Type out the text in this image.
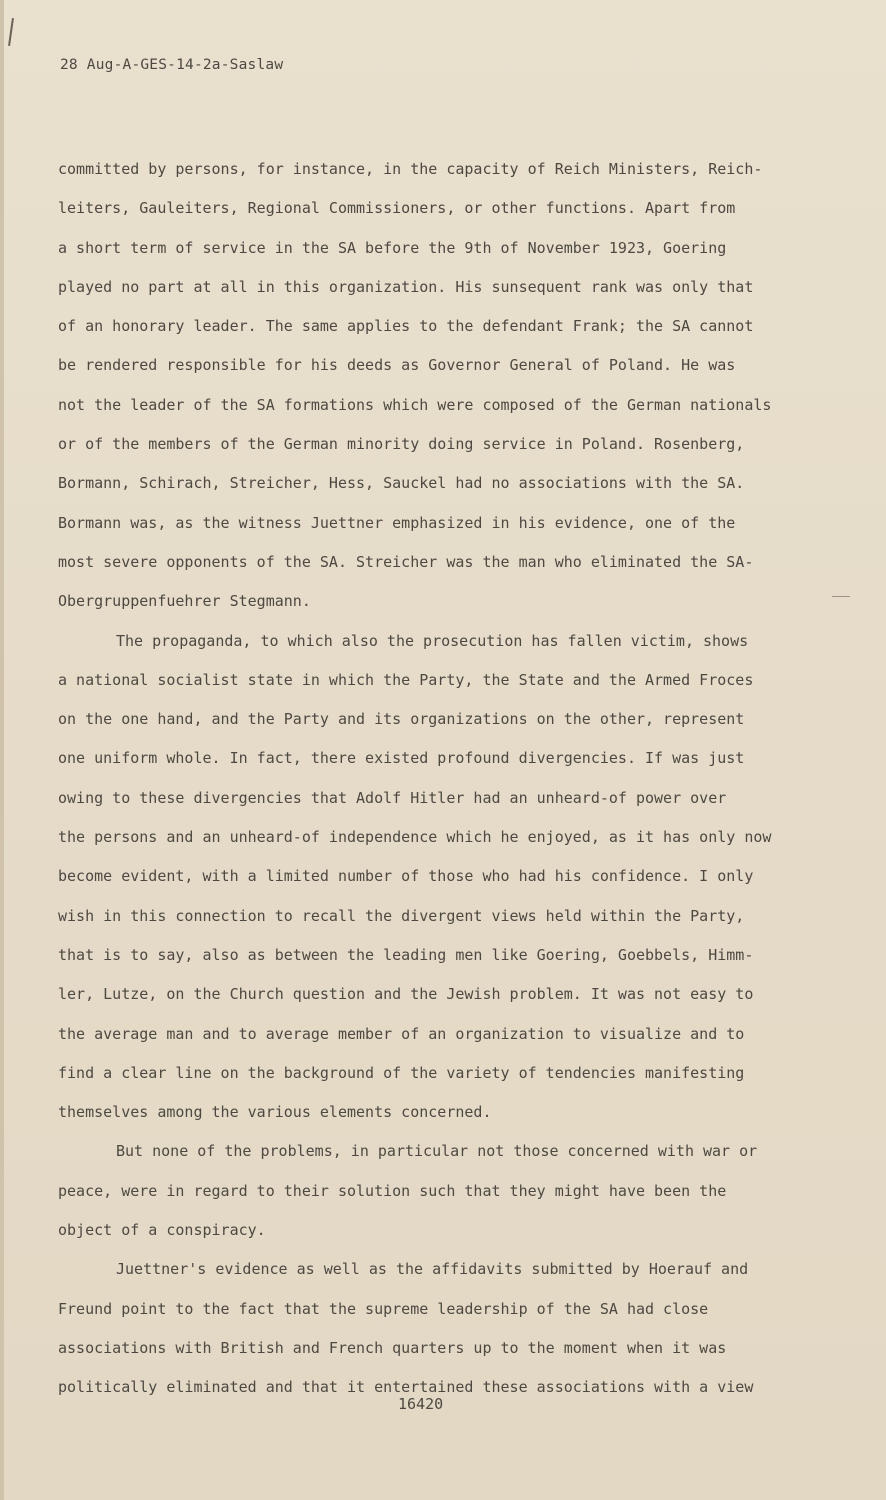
28 Aug-A-GES-14-2a-Saslaw
committed by persons, for instance, in the capacity of Reich Ministers, Reich-
leiters, Gauleiters, Regional Commissioners, or other functions. Apart from
a short term of service in the SA before the 9th of November 1923, Goering
played no part at all in this organization. His sunsequent rank was only that
of an honorary leader. The same applies to the defendant Frank; the SA cannot
be rendered responsible for his deeds as Governor General of Poland. He was
not the leader of the SA formations which were composed of the German nationals
or of the members of the German minority doing service in Poland. Rosenberg,
Bormann, Schirach, Streicher, Hess, Sauckel had no associations with the SA.
Bormann was, as the witness Juettner emphasized in his evidence, one of the
most severe opponents of the SA. Streicher was the man who eliminated the SA-
Obergruppenfuehrer Stegmann.
The propaganda, to which also the prosecution has fallen victim, shows
a national socialist state in which the Party, the State and the Armed Froces
on the one hand, and the Party and its organizations on the other, represent
one uniform whole. In fact, there existed profound divergencies. If was just
owing to these divergencies that Adolf Hitler had an unheard-of power over
the persons and an unheard-of independence which he enjoyed, as it has only now
become evident, with a limited number of those who had his confidence. I only
wish in this connection to recall the divergent views held within the Party,
that is to say, also as between the leading men like Goering, Goebbels, Himm-
ler, Lutze, on the Church question and the Jewish problem. It was not easy to
the average man and to average member of an organization to visualize and to
find a clear line on the background of the variety of tendencies manifesting
themselves among the various elements concerned.
But none of the problems, in particular not those concerned with war or
peace, were in regard to their solution such that they might have been the
object of a conspiracy.
Juettner's evidence as well as the affidavits submitted by Hoerauf and
Freund point to the fact that the supreme leadership of the SA had close
associations with British and French quarters up to the moment when it was
politically eliminated and that it entertained these associations with a view
16420
